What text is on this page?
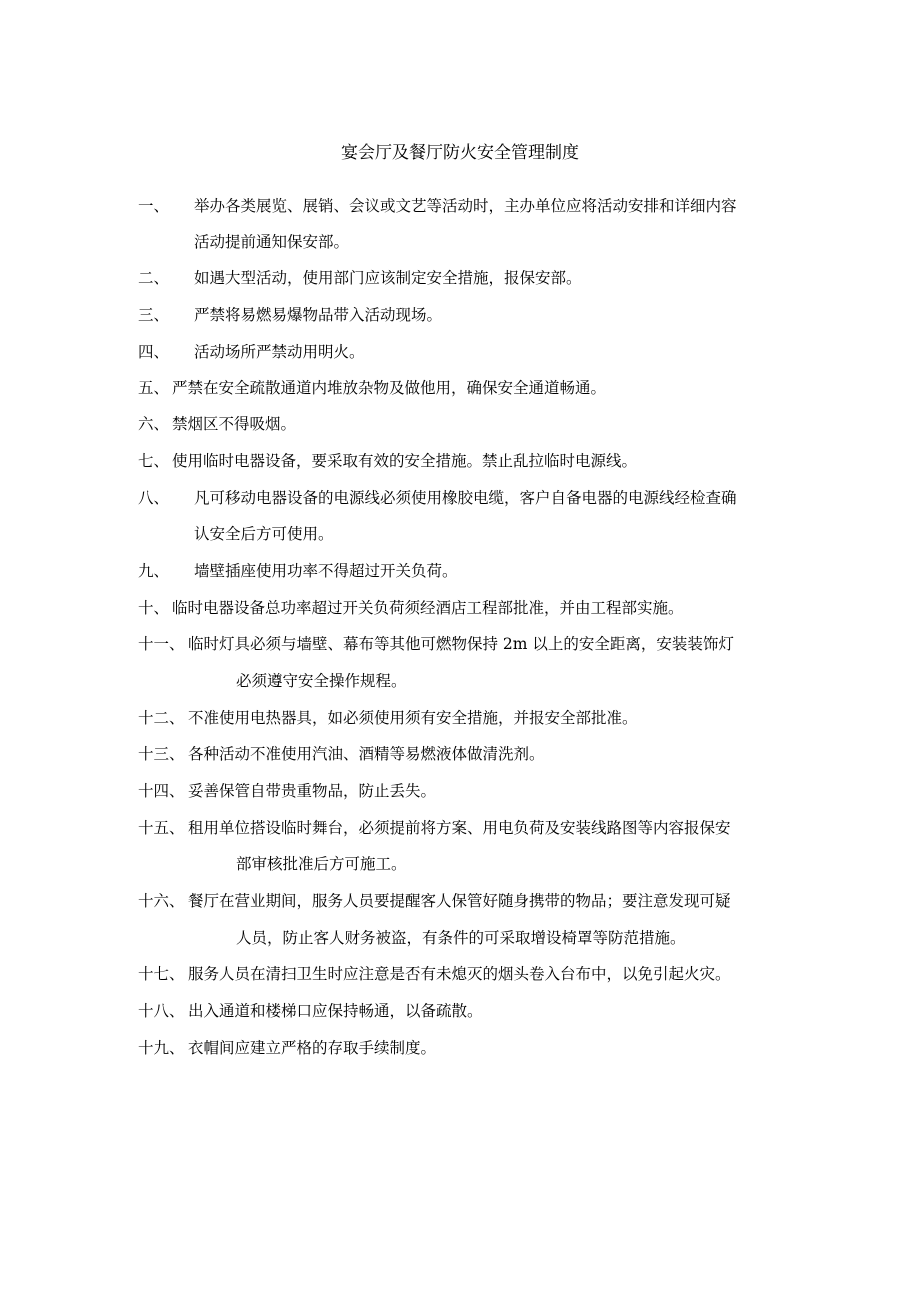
宴会厅及餐厅防火安全管理制度
一、 举办各类展览、展销、会议或文艺等活动时，主办单位应将活动安排和详细内容
活动提前通知保安部。
二、 如遇大型活动，使用部门应该制定安全措施，报保安部。
三、 严禁将易燃易爆物品带入活动现场。
四、 活动场所严禁动用明火。
五、 严禁在安全疏散通道内堆放杂物及做他用，确保安全通道畅通。
六、 禁烟区不得吸烟。
七、 使用临时电器设备，要采取有效的安全措施。禁止乱拉临时电源线。
八、 凡可移动电器设备的电源线必须使用橡胶电缆，客户自备电器的电源线经检查确
认安全后方可使用。
九、 墙壁插座使用功率不得超过开关负荷。
十、 临时电器设备总功率超过开关负荷须经酒店工程部批准，并由工程部实施。
十一、 临时灯具必须与墙壁、幕布等其他可燃物保持 2m 以上的安全距离，安装装饰灯
必须遵守安全操作规程。
十二、 不准使用电热器具，如必须使用须有安全措施，并报安全部批准。
十三、 各种活动不准使用汽油、酒精等易燃液体做清洗剂。
十四、 妥善保管自带贵重物品，防止丢失。
十五、 租用单位搭设临时舞台，必须提前将方案、用电负荷及安装线路图等内容报保安
部审核批准后方可施工。
十六、 餐厅在营业期间，服务人员要提醒客人保管好随身携带的物品；要注意发现可疑
人员，防止客人财务被盗，有条件的可采取增设椅罩等防范措施。
十七、 服务人员在清扫卫生时应注意是否有未熄灭的烟头卷入台布中，以免引起火灾。
十八、 出入通道和楼梯口应保持畅通，以备疏散。
十九、 衣帽间应建立严格的存取手续制度。
